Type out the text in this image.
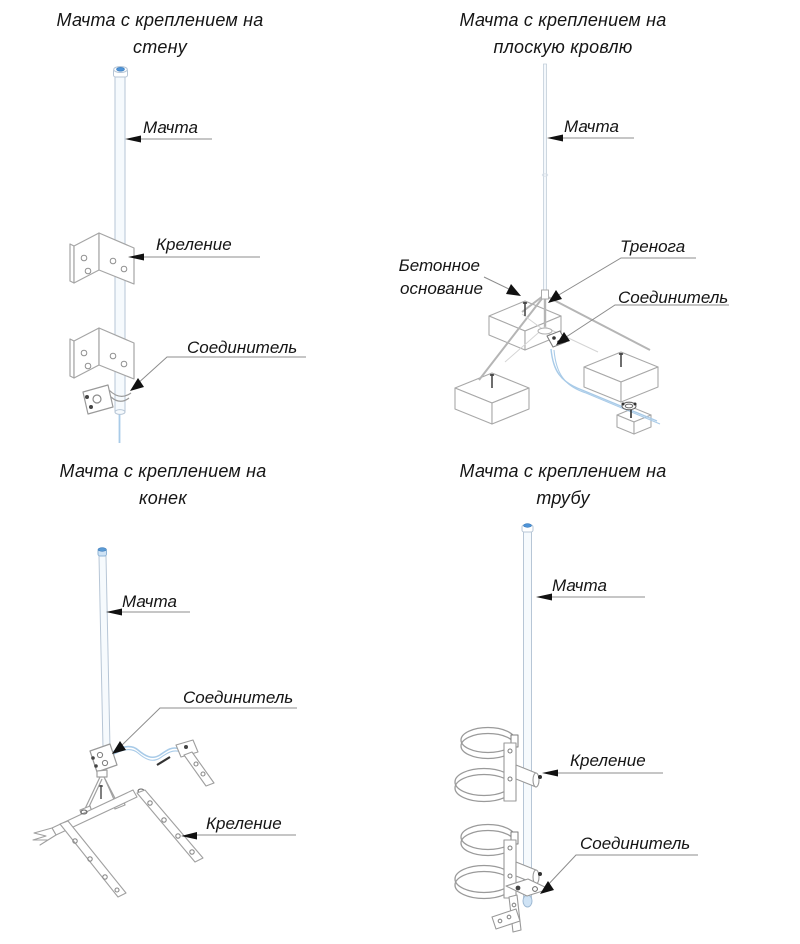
Мачта с креплением на
стену
Мачта с креплением на
плоскую кровлю
Мачта с креплением на
конек
Мачта с креплением на
трубу
Мачта
Креление
Соединитель
Мачта
Тренога
Бетонное
основание	Соединитель
Мачта
Соединитель
Креление
Мачта
Креление
Соединитель
